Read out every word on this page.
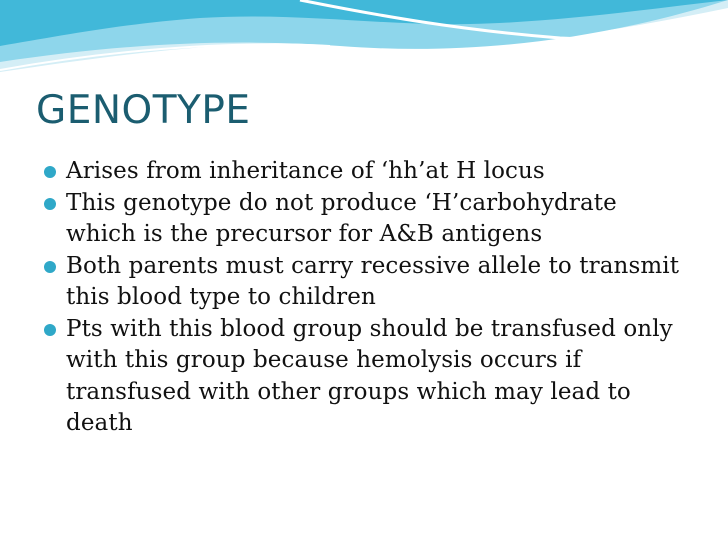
GENOTYPE
Arises from inheritance of ‘hh’at H locus
This genotype do not produce ‘H’carbohydrate which is the precursor for A&B antigens
Both parents must carry recessive allele to transmit this blood type to children
Pts with this blood group should be transfused only with this group because hemolysis occurs if transfused with other groups which may lead to death
